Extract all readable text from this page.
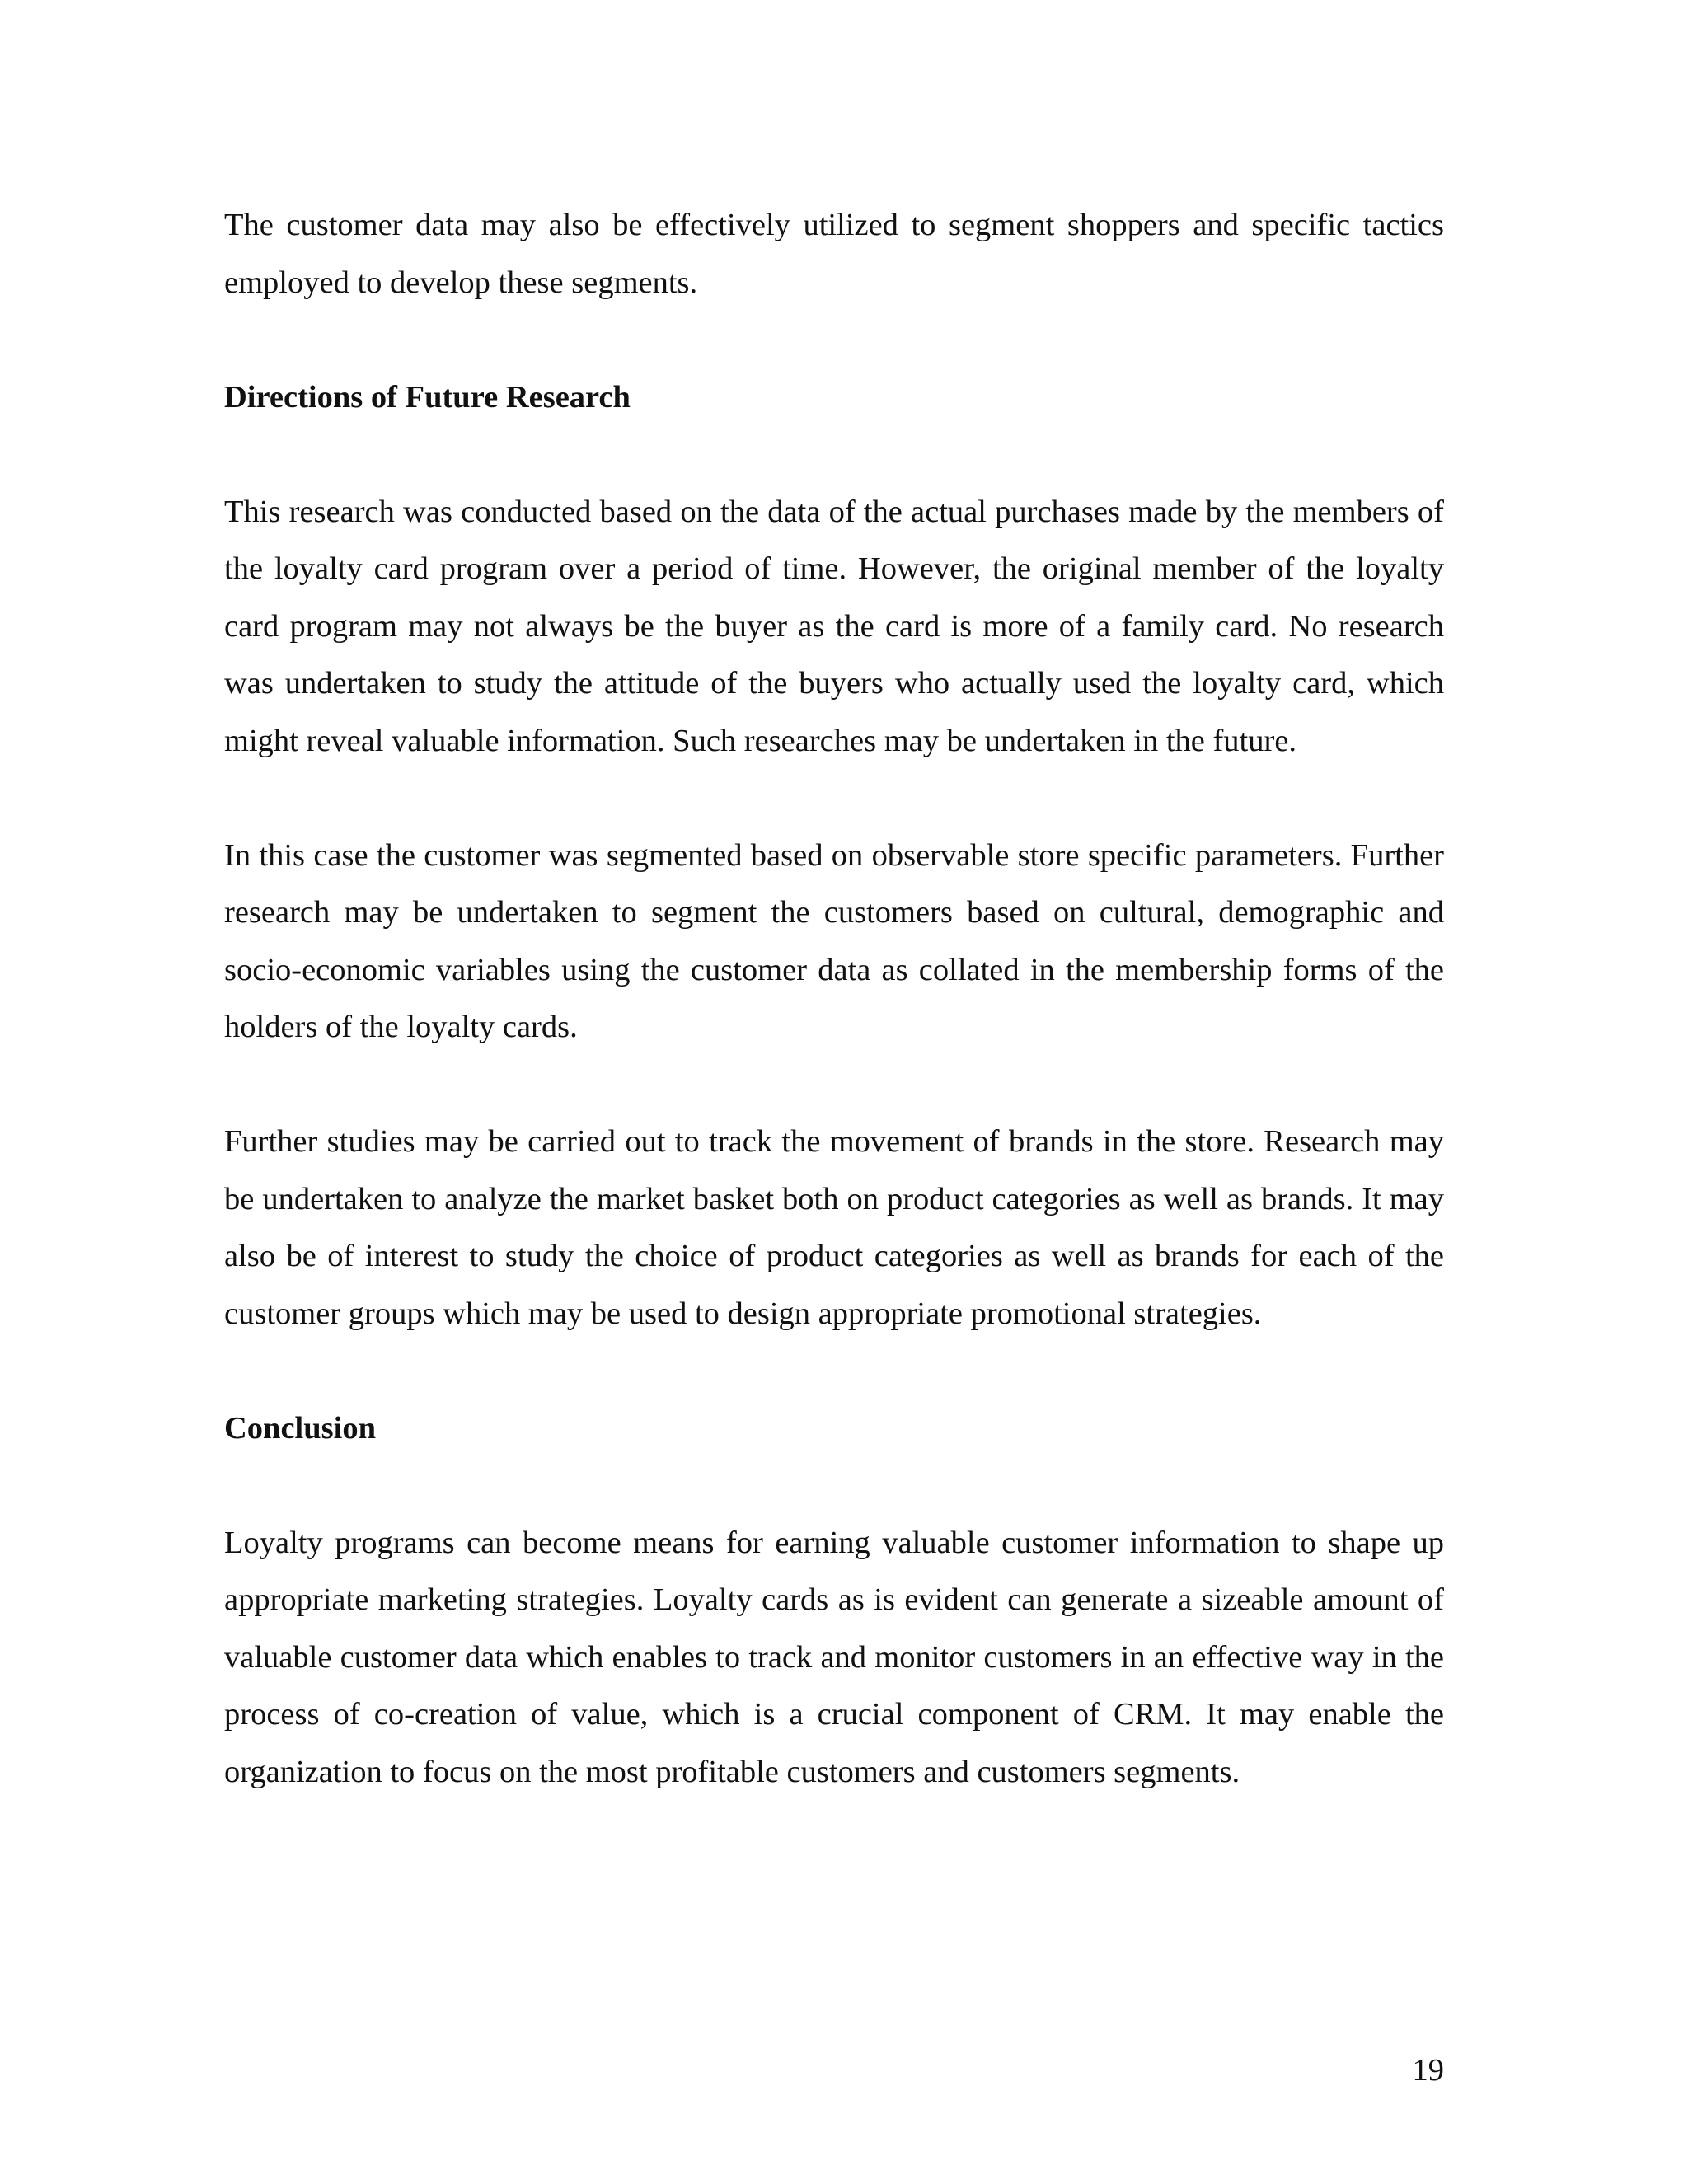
The customer data may also be effectively utilized to segment shoppers and specific tactics employed to develop these segments.

Directions of Future Research

This research was conducted based on the data of the actual purchases made by the members of the loyalty card program over a period of time. However, the original member of the loyalty card program may not always be the buyer as the card is more of a family card. No research was undertaken to study the attitude of the buyers who actually used the loyalty card, which might reveal valuable information. Such researches may be undertaken in the future.

In this case the customer was segmented based on observable store specific parameters. Further research may be undertaken to segment the customers based on cultural, demographic and socio-economic variables using the customer data as collated in the membership forms of the holders of the loyalty cards.

Further studies may be carried out to track the movement of brands in the store. Research may be undertaken to analyze the market basket both on product categories as well as brands. It may also be of interest to study the choice of product categories as well as brands for each of the customer groups which may be used to design appropriate promotional strategies.

Conclusion

Loyalty programs can become means for earning valuable customer information to shape up appropriate marketing strategies. Loyalty cards as is evident can generate a sizeable amount of valuable customer data which enables to track and monitor customers in an effective way in the process of co-creation of value, which is a crucial component of CRM. It may enable the organization to focus on the most profitable customers and customers segments.

19
